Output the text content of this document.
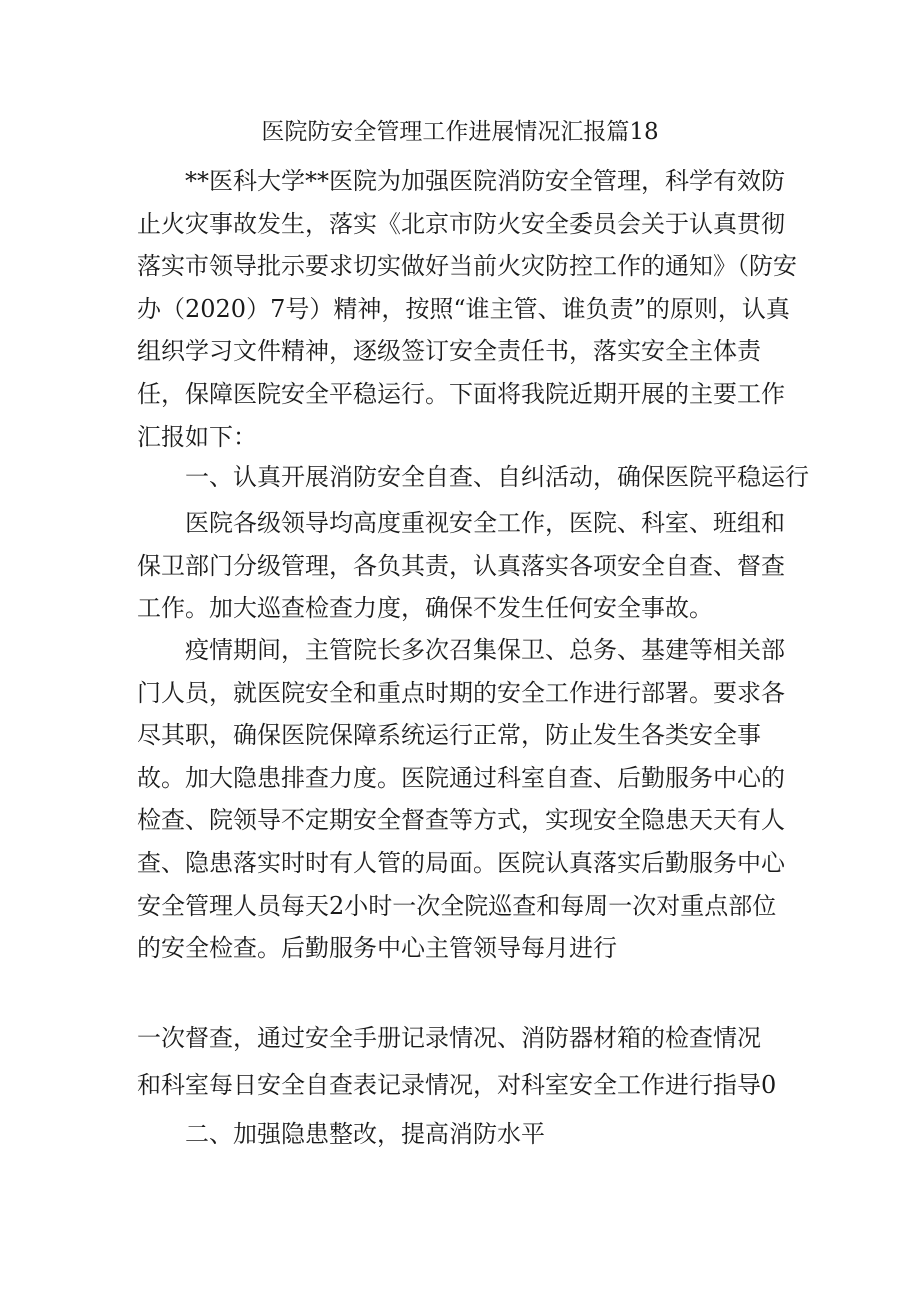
医院防安全管理工作进展情况汇报篇18

**医科大学**医院为加强医院消防安全管理，科学有效防止火灾事故发生，落实《北京市防火安全委员会关于认真贯彻落实市领导批示要求切实做好当前火灾防控工作的通知》（防安办（2020）7号）精神，按照“谁主管、谁负责”的原则，认真组织学习文件精神，逐级签订安全责任书，落实安全主体责任，保障医院安全平稳运行。下面将我院近期开展的主要工作汇报如下：

一、认真开展消防安全自查、自纠活动，确保医院平稳运行

医院各级领导均高度重视安全工作，医院、科室、班组和保卫部门分级管理，各负其责，认真落实各项安全自查、督查工作。加大巡查检查力度，确保不发生任何安全事故。

疫情期间，主管院长多次召集保卫、总务、基建等相关部门人员，就医院安全和重点时期的安全工作进行部署。要求各尽其职，确保医院保障系统运行正常，防止发生各类安全事故。加大隐患排查力度。医院通过科室自查、后勤服务中心的检查、院领导不定期安全督查等方式，实现安全隐患天天有人查、隐患落实时时有人管的局面。医院认真落实后勤服务中心安全管理人员每天2小时一次全院巡查和每周一次对重点部位的安全检查。后勤服务中心主管领导每月进行

一次督查，通过安全手册记录情况、消防器材箱的检查情况
和科室每日安全自查表记录情况，对科室安全工作进行指导0
二、加强隐患整改，提高消防水平
